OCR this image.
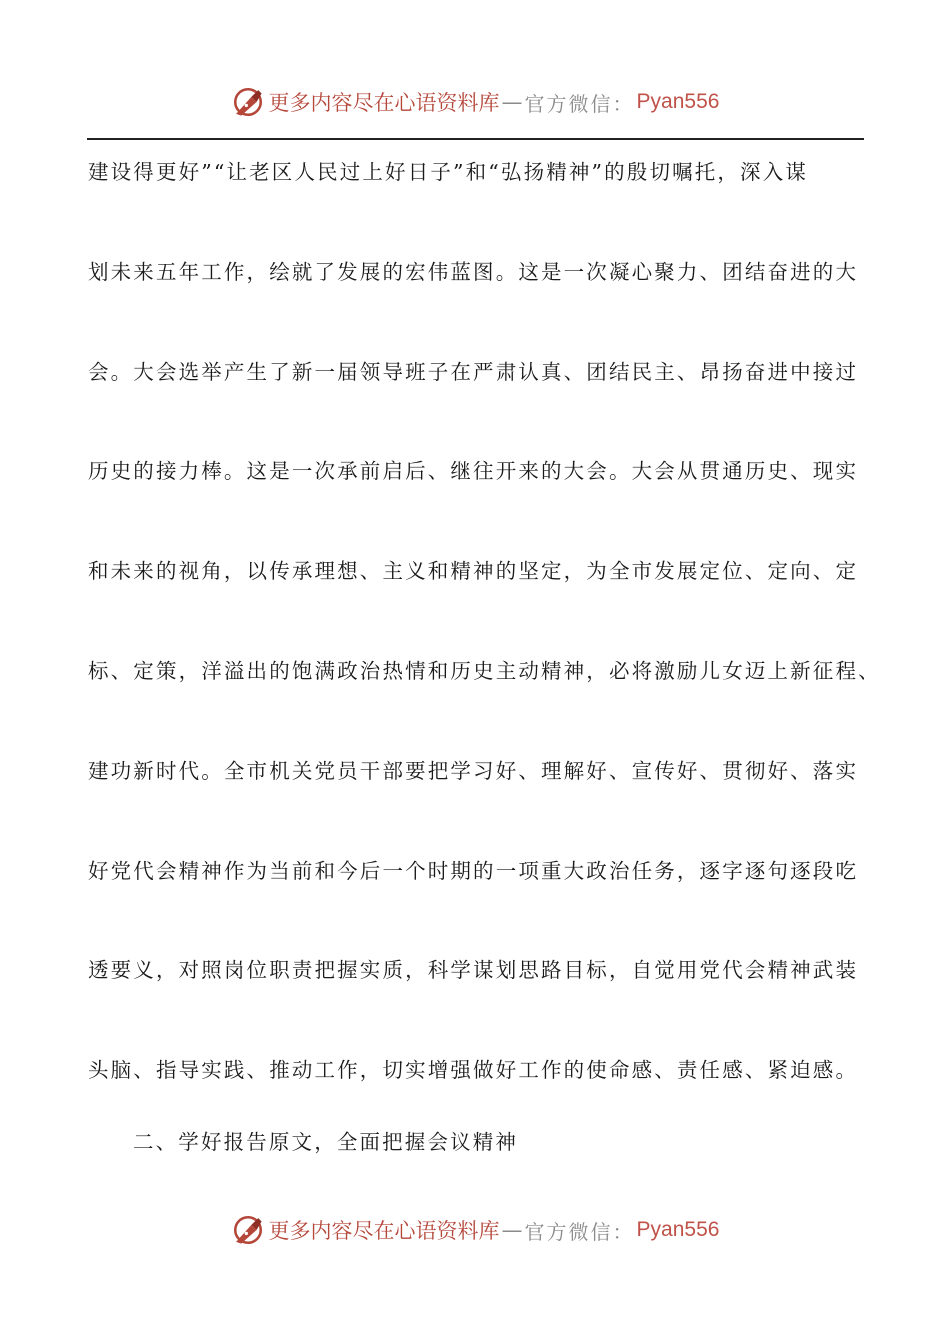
更多内容尽在心语资料库 — 官方微信： Pyan556
建设得更好”“让老区人民过上好日子”和“弘扬精神”的殷切嘱托，深入谋
划未来五年工作，绘就了发展的宏伟蓝图。这是一次凝心聚力、团结奋进的大
会。大会选举产生了新一届领导班子在严肃认真、团结民主、昂扬奋进中接过
历史的接力棒。这是一次承前启后、继往开来的大会。大会从贯通历史、现实
和未来的视角，以传承理想、主义和精神的坚定，为全市发展定位、定向、定
标、定策，洋溢出的饱满政治热情和历史主动精神，必将激励儿女迈上新征程、
建功新时代。全市机关党员干部要把学习好、理解好、宣传好、贯彻好、落实
好党代会精神作为当前和今后一个时期的一项重大政治任务，逐字逐句逐段吃
透要义，对照岗位职责把握实质，科学谋划思路目标，自觉用党代会精神武装
头脑、指导实践、推动工作，切实增强做好工作的使命感、责任感、紧迫感。
二、学好报告原文，全面把握会议精神
更多内容尽在心语资料库 — 官方微信： Pyan556
